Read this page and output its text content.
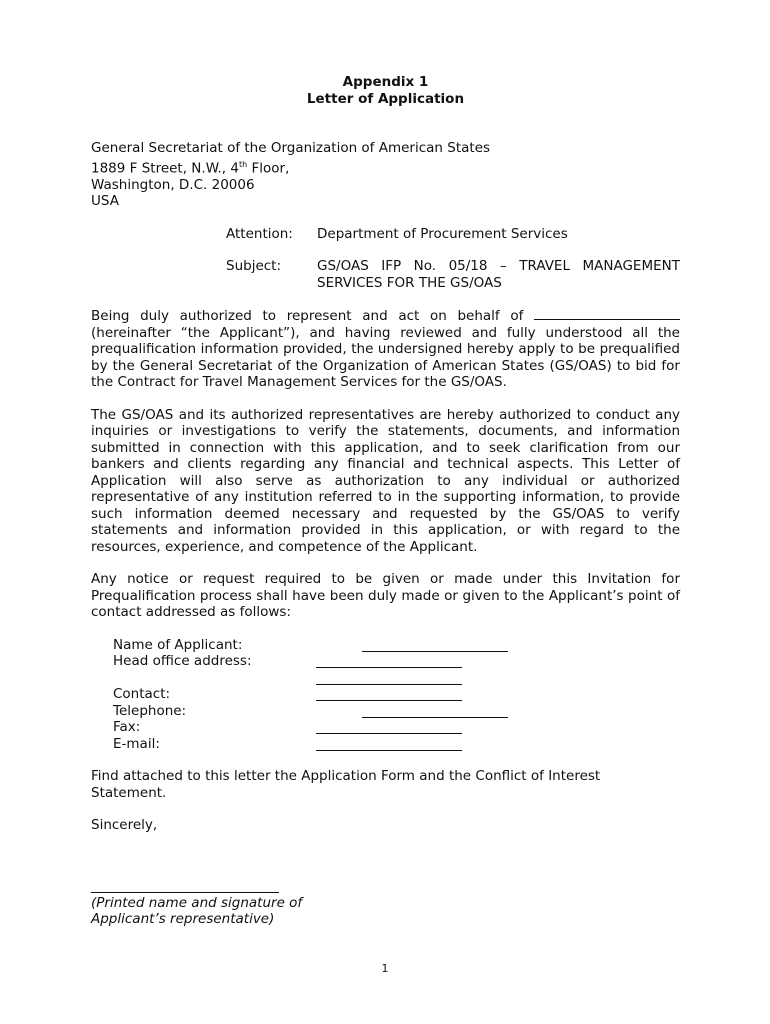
Appendix 1
Letter of Application
General Secretariat of the Organization of American States
1889 F Street, N.W., 4th Floor,
Washington, D.C. 20006
USA
Attention:	Department of Procurement Services
Subject:	GS/OAS IFP No. 05/18 – TRAVEL MANAGEMENT SERVICES FOR THE GS/OAS
Being duly authorized to represent and act on behalf of  (hereinafter “the Applicant”), and having reviewed and fully understood all the prequalification information provided, the undersigned hereby apply to be prequalified by the General Secretariat of the Organization of American States (GS/OAS) to bid for the Contract for Travel Management Services for the GS/OAS.
The GS/OAS and its authorized representatives are hereby authorized to conduct any inquiries or investigations to verify the statements, documents, and information submitted in connection with this application, and to seek clarification from our bankers and clients regarding any financial and technical aspects. This Letter of Application will also serve as authorization to any individual or authorized representative of any institution referred to in the supporting information, to provide such information deemed necessary and requested by the GS/OAS to verify statements and information provided in this application, or with regard to the resources, experience, and competence of the Applicant.
Any notice or request required to be given or made under this Invitation for Prequalification process shall have been duly made or given to the Applicant’s point of contact addressed as follows:
Name of Applicant:
Head office address:
Contact:
Telephone:
Fax:
E-mail:
Find attached to this letter the Application Form and the Conflict of Interest Statement.
Sincerely,
(Printed name and signature of
Applicant’s representative)
1
